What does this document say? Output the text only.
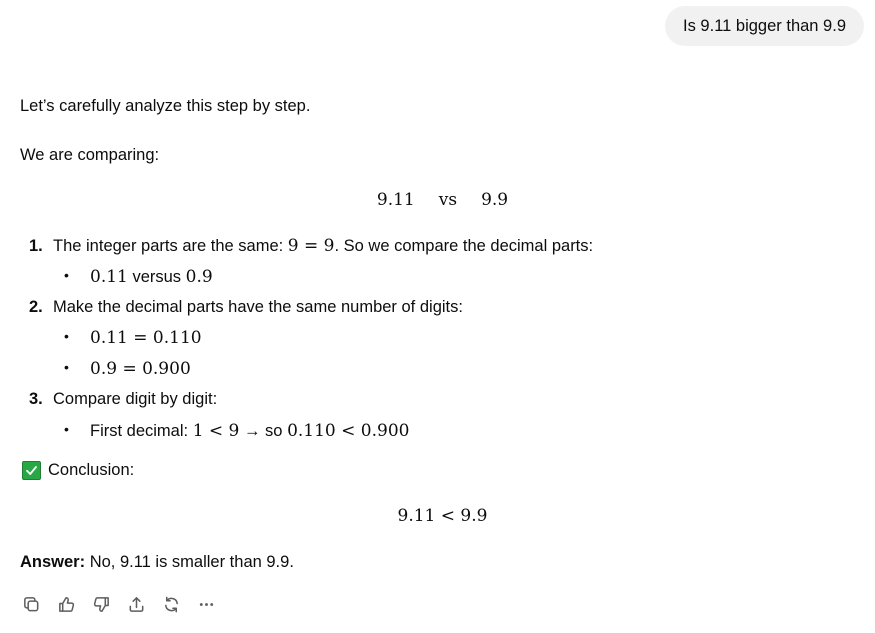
Is 9.11 bigger than 9.9
Let’s carefully analyze this step by step.
We are comparing:
9.11 vs 9.9
1. The integer parts are the same: 9 = 9. So we compare the decimal parts:
• 0.11 versus 0.9
2. Make the decimal parts have the same number of digits:
• 0.11 = 0.110
• 0.9 = 0.900
3. Compare digit by digit:
• First decimal: 1 < 9 → so 0.110 < 0.900
Conclusion:
9.11 < 9.9
Answer: No, 9.11 is smaller than 9.9.
